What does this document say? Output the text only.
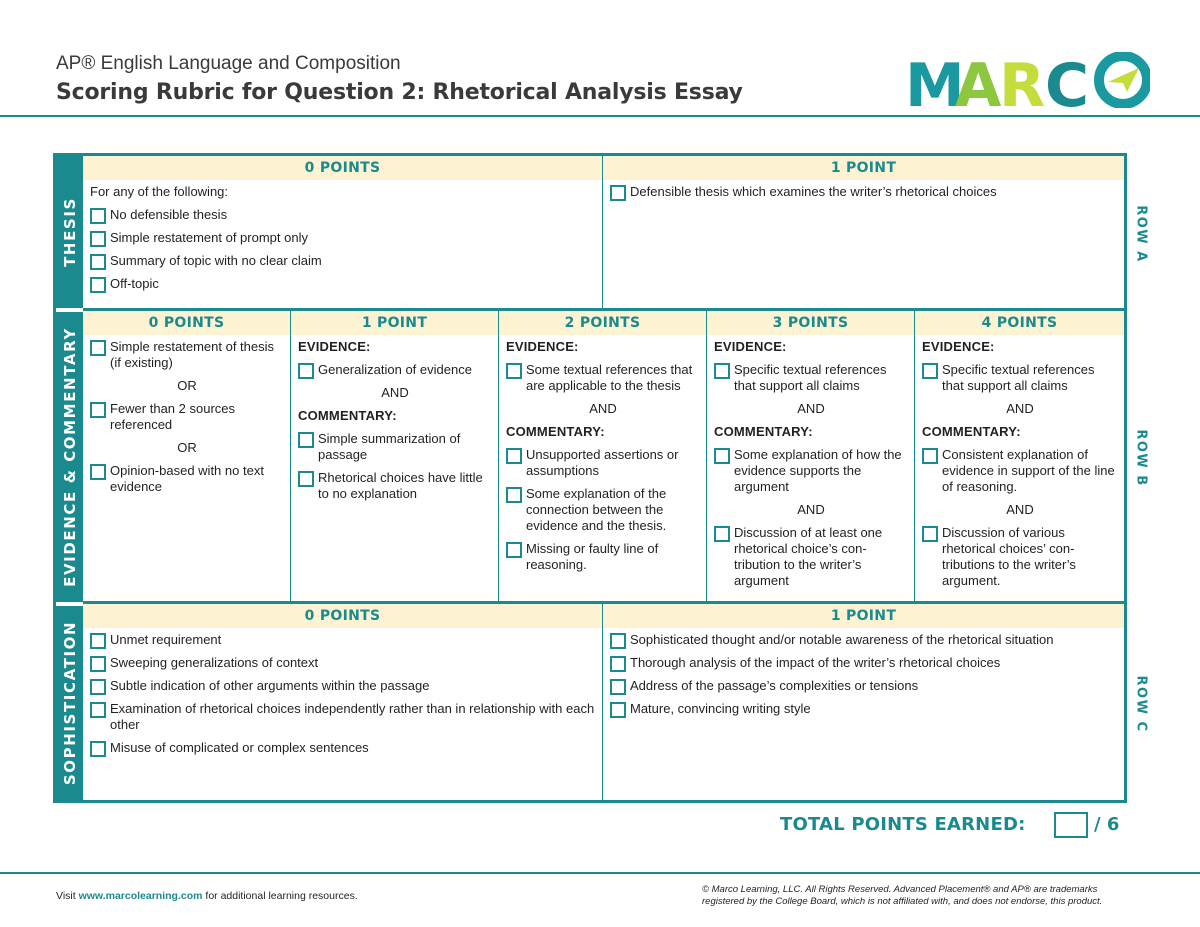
AP® English Language and Composition
Scoring Rubric for Question 2: Rhetorical Analysis Essay	M
A
R C
THESIS
0 POINTS
For any of the following:
No defensible thesis
Simple restatement of prompt only
Summary of topic with no clear claim
Off-topic
1 POINT
Defensible thesis which examines the writer’s rhetorical choices
EVIDENCE & COMMENTARY
0 POINTS
Simple restatement of thesis (if existing)
OR
Fewer than 2 sources referenced
OR
Opinion-based with no text evidence
1 POINT
EVIDENCE:
Generalization of evidence
AND
COMMENTARY:
Simple summarization of passage
Rhetorical choices have little to no explanation
2 POINTS
EVIDENCE:
Some textual references that are applicable to the thesis
AND
COMMENTARY:
Unsupported assertions or assumptions
Some explanation of the connection between the evidence and the thesis.
Missing or faulty line of reasoning.
3 POINTS
EVIDENCE:
Specific textual references that support all claims
AND
COMMENTARY:
Some explanation of how the evidence supports the argument
AND
Discussion of at least one rhetorical choice’s contribution to the writer’s argument
4 POINTS
EVIDENCE:
Specific textual references that support all claims
AND
COMMENTARY:
Consistent explanation of evidence in support of the line of reasoning.
AND
Discussion of various rhetorical choices’ contributions to the writer’s argument.
SOPHISTICATION
0 POINTS
Unmet requirement
Sweeping generalizations of context
Subtle indication of other arguments within the passage
Examination of rhetorical choices independently rather than in relationship with each other
Misuse of complicated or complex sentences
1 POINT
Sophisticated thought and/or notable awareness of the rhetorical situation
Thorough analysis of the impact of the writer’s rhetorical choices
Address of the passage’s complexities or tensions
Mature, convincing writing style
ROW A
ROW B
ROW C
TOTAL POINTS EARNED:	/ 6
Visit www.marcolearning.com for additional learning resources.
© Marco Learning, LLC. All Rights Reserved. Advanced Placement® and AP® are trademarks
registered by the College Board, which is not affiliated with, and does not endorse, this product.
